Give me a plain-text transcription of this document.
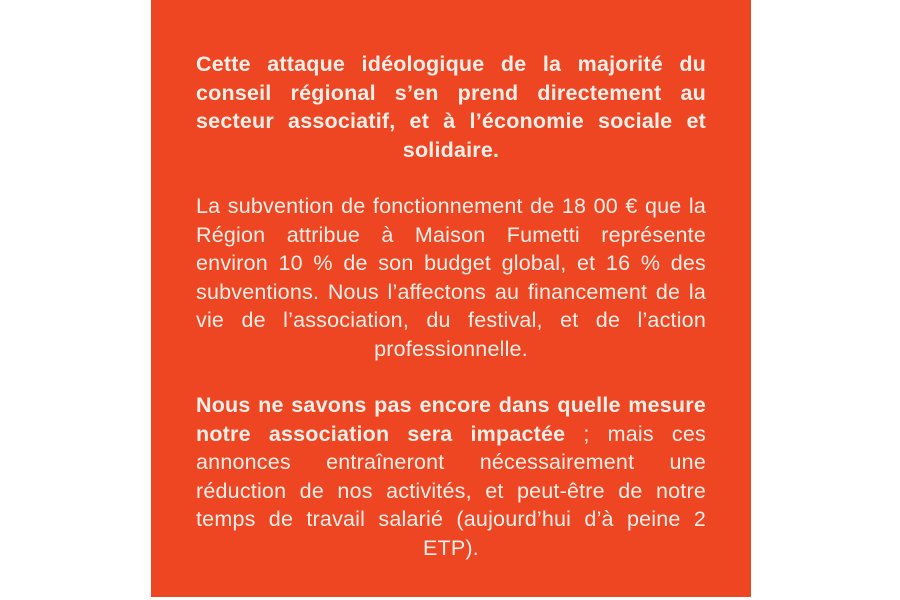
Cette attaque idéologique de la majorité du conseil régional s’en prend directement au secteur associatif, et à l’économie sociale et solidaire.

La subvention de fonctionnement de 18 00 € que la Région attribue à Maison Fumetti représente environ 10 % de son budget global, et 16 % des subventions. Nous l’affectons au financement de la vie de l’association, du festival, et de l’action professionnelle.

Nous ne savons pas encore dans quelle mesure notre association sera impactée ; mais ces annonces entraîneront nécessairement une réduction de nos activités, et peut-être de notre temps de travail salarié (aujourd’hui d’à peine 2 ETP).
